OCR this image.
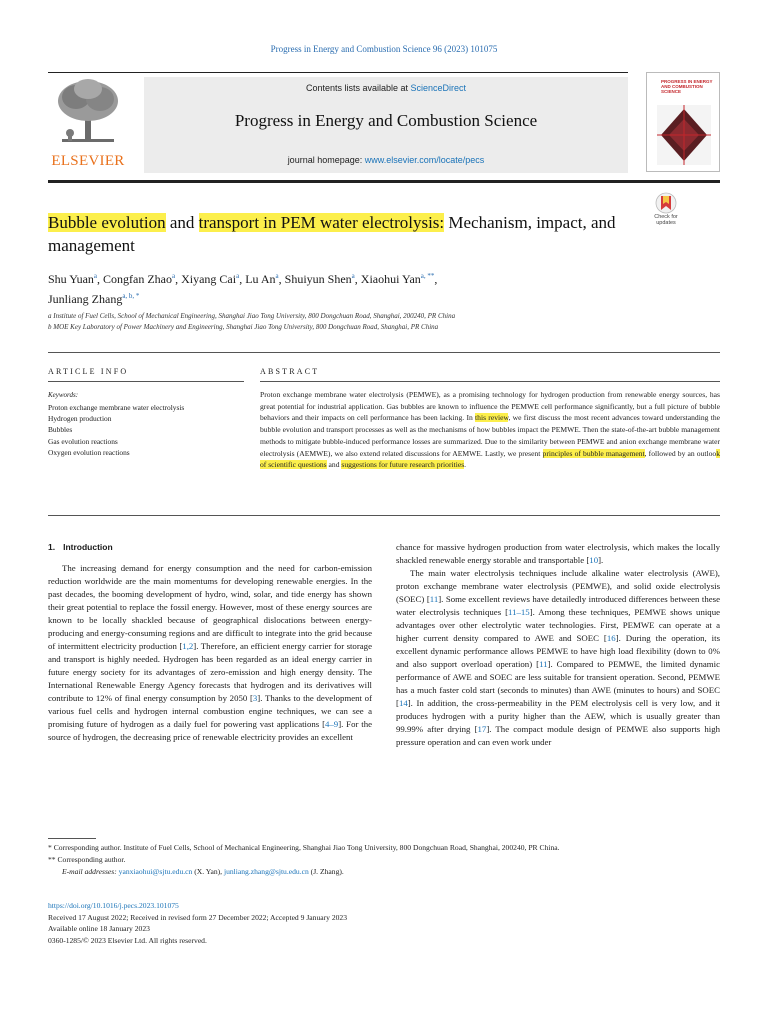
Progress in Energy and Combustion Science 96 (2023) 101075
ELSEVIER
Contents lists available at ScienceDirect
Progress in Energy and Combustion Science
journal homepage: www.elsevier.com/locate/pecs
PROGRESS IN ENERGY AND COMBUSTION SCIENCE
Check for updates
Bubble evolution and transport in PEM water electrolysis: Mechanism, impact, and management
Shu Yuan$^a$, Congfan Zhao$^a$, Xiyang Cai$^a$, Lu An$^a$, Shuiyun Shen$^a$, Xiaohui Yan$^{a, **}$,
Junliang Zhang$^{a, b, *}$
a Institute of Fuel Cells, School of Mechanical Engineering, Shanghai Jiao Tong University, 800 Dongchuan Road, Shanghai, 200240, PR China
b MOE Key Laboratory of Power Machinery and Engineering, Shanghai Jiao Tong University, 800 Dongchuan Road, Shanghai, PR China
ARTICLE INFO	ABSTRACT
Keywords:
Proton exchange membrane water electrolysis
Hydrogen production
Bubbles
Gas evolution reactions
Oxygen evolution reactions
Proton exchange membrane water electrolysis (PEMWE), as a promising technology for hydrogen production from renewable energy sources, has great potential for industrial application. Gas bubbles are known to influence the PEMWE cell performance significantly, but a full picture of bubble behaviors and their impacts on cell performance has been lacking. In this review, we first discuss the most recent advances toward understanding the bubble evolution and transport processes as well as the mechanisms of how bubbles impact the PEMWE. Then the state-of-the-art bubble management methods to mitigate bubble-induced performance losses are summarized. Due to the similarity between PEMWE and anion exchange membrane water electrolysis (AEMWE), we also extend related discussions for AEMWE. Lastly, we present principles of bubble management, followed by an outlook of scientific questions and suggestions for future research priorities.
1. Introduction

The increasing demand for energy consumption and the need for carbon-emission reduction worldwide are the main momentums for developing renewable energies. In the past decades, the booming development of hydro, wind, solar, and tide energy has shown their great potential to replace the fossil energy. However, most of these energy sources are known to be locally shackled because of geographical dislocations between energy-producing and energy-consuming regions and are difficult to integrate into the grid because of intermittent electricity production [1,2]. Therefore, an efficient energy carrier for storage and transport is highly needed. Hydrogen has been regarded as an ideal energy carrier in future energy society for its advantages of zero-emission and high energy density. The International Renewable Energy Agency forecasts that hydrogen and its derivatives will contribute to 12% of final energy consumption by 2050 [3]. Thanks to the development of various fuel cells and hydrogen internal combustion engine techniques, we can see a promising future of hydrogen as a daily fuel for powering vast applications [4–9]. For the source of hydrogen, the decreasing price of renewable electricity provides an excellent

chance for massive hydrogen production from water electrolysis, which makes the locally shackled renewable energy storable and transportable [10].

The main water electrolysis techniques include alkaline water electrolysis (AWE), proton exchange membrane water electrolysis (PEMWE), and solid oxide electrolysis (SOEC) [11]. Some excellent reviews have detailedly introduced differences between these water electrolysis techniques [11–15]. Among these techniques, PEMWE shows unique advantages over other electrolytic water technologies. First, PEMWE can operate at a higher current density compared to AWE and SOEC [16]. During the operation, its excellent dynamic performance allows PEMWE to have high load flexibility (down to 0% and also support overload operation) [11]. Compared to PEMWE, the limited dynamic performance of AWE and SOEC are less suitable for transient operation. Second, PEMWE has a much faster cold start (seconds to minutes) than AWE (minutes to hours) and SOEC [14]. In addition, the cross-permeability in the PEM electrolysis cell is very low, and it produces hydrogen with a purity higher than the AEW, which is usually greater than 99.99% after drying [17]. The compact module design of PEMWE also supports high pressure operation and can even work under

* Corresponding author. Institute of Fuel Cells, School of Mechanical Engineering, Shanghai Jiao Tong University, 800 Dongchuan Road, Shanghai, 200240, PR China.
** Corresponding author.
E-mail addresses: yanxiaohui@sjtu.edu.cn (X. Yan), junliang.zhang@sjtu.edu.cn (J. Zhang).
https://doi.org/10.1016/j.pecs.2023.101075
Received 17 August 2022; Received in revised form 27 December 2022; Accepted 9 January 2023
Available online 18 January 2023
0360-1285/© 2023 Elsevier Ltd. All rights reserved.
